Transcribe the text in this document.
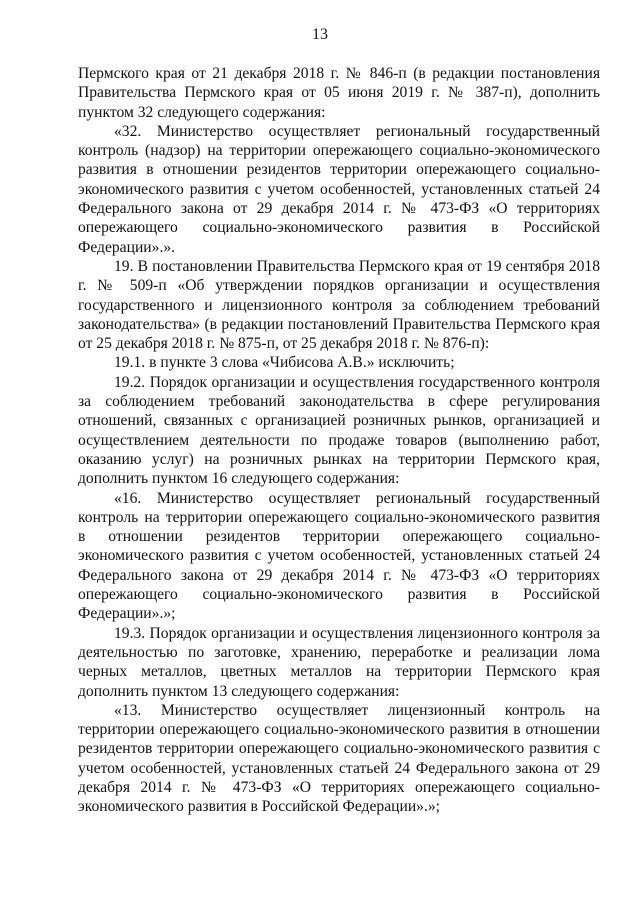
13

Пермского края от 21 декабря 2018 г. № 846-п (в редакции постановления Правительства Пермского края от 05 июня 2019 г. № 387-п), дополнить пунктом 32 следующего содержания:

«32. Министерство осуществляет региональный государственный контроль (надзор) на территории опережающего социально-экономического развития в отношении резидентов территории опережающего социально-экономического развития с учетом особенностей, установленных статьей 24 Федерального закона от 29 декабря 2014 г. № 473-ФЗ «О территориях опережающего социально-экономического развития в Российской Федерации».».

19. В постановлении Правительства Пермского края от 19 сентября 2018 г. № 509-п «Об утверждении порядков организации и осуществления государственного и лицензионного контроля за соблюдением требований законодательства» (в редакции постановлений Правительства Пермского края от 25 декабря 2018 г. № 875-п, от 25 декабря 2018 г. № 876-п):

19.1. в пункте 3 слова «Чибисова А.В.» исключить;

19.2. Порядок организации и осуществления государственного контроля за соблюдением требований законодательства в сфере регулирования отношений, связанных с организацией розничных рынков, организацией и осуществлением деятельности по продаже товаров (выполнению работ, оказанию услуг) на розничных рынках на территории Пермского края, дополнить пунктом 16 следующего содержания:

«16. Министерство осуществляет региональный государственный контроль на территории опережающего социально-экономического развития в отношении резидентов территории опережающего социально-экономического развития с учетом особенностей, установленных статьей 24 Федерального закона от 29 декабря 2014 г. № 473-ФЗ «О территориях опережающего социально-экономического развития в Российской Федерации».»;

19.3. Порядок организации и осуществления лицензионного контроля за деятельностью по заготовке, хранению, переработке и реализации лома черных металлов, цветных металлов на территории Пермского края дополнить пунктом 13 следующего содержания:

«13. Министерство осуществляет лицензионный контроль на территории опережающего социально-экономического развития в отношении резидентов территории опережающего социально-экономического развития с учетом особенностей, установленных статьей 24 Федерального закона от 29 декабря 2014 г. № 473-ФЗ «О территориях опережающего социально-экономического развития в Российской Федерации».»;
